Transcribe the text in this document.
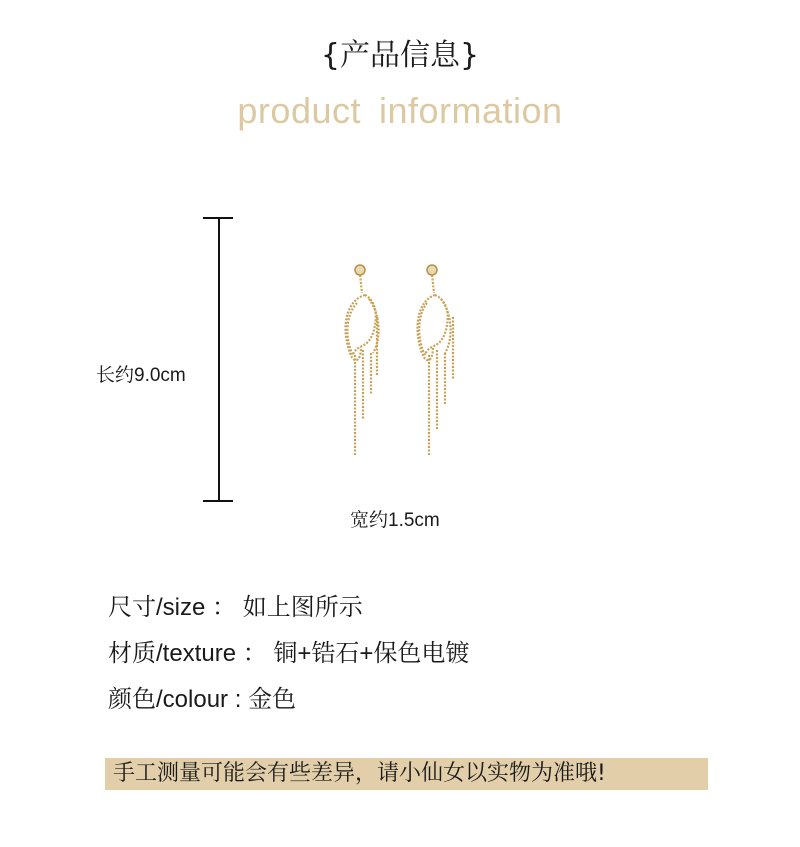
{产品信息}
product information
长约9.0cm
宽约1.5cm
尺寸/size ： 如上图所示
材质/texture ： 铜+锆石+保色电镀
颜色/colour : 金色
手工测量可能会有些差异，请小仙女以实物为准哦!
